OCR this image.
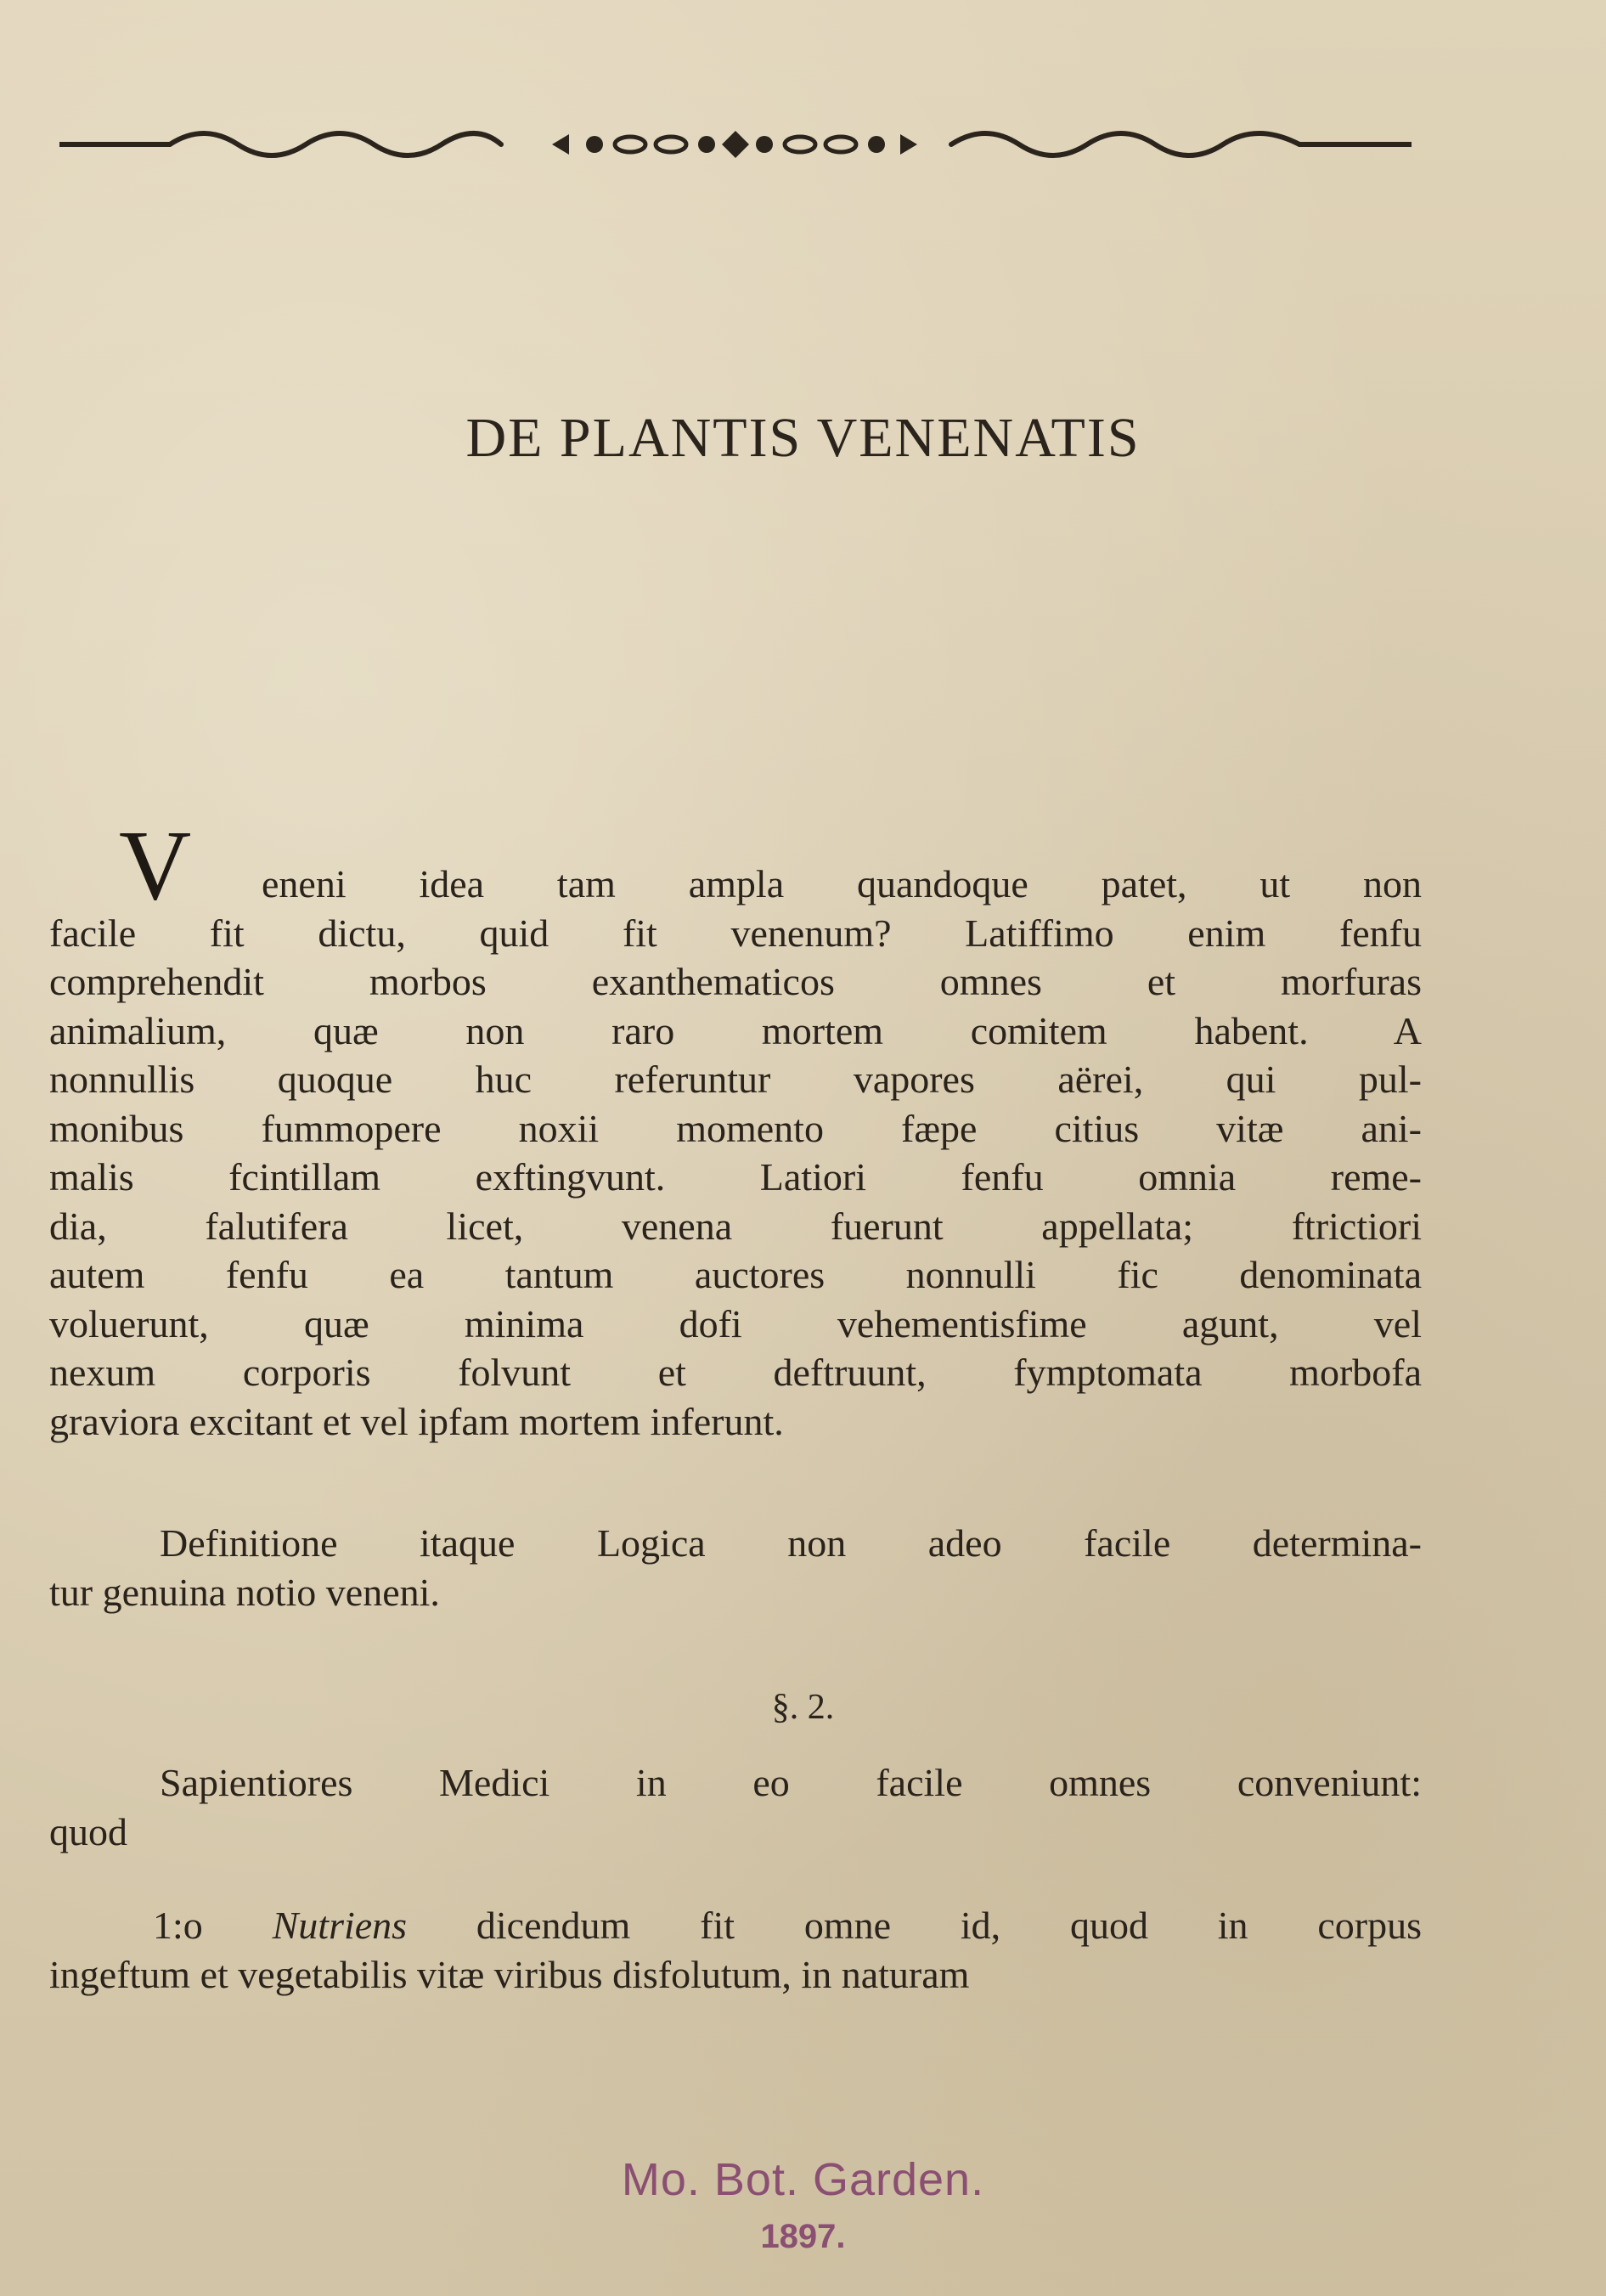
DE PLANTIS VENENATIS
V	eneni idea tam ampla quandoque patet, ut non
facile fit dictu, quid fit venenum? Latiffimo enim fenfu
comprehendit morbos exanthematicos omnes et morfuras
animalium, quæ non raro mortem comitem habent. A
nonnullis quoque huc referuntur vapores aërei, qui pul-
monibus fummopere noxii momento fæpe citius vitæ ani-
malis fcintillam exftingvunt. Latiori fenfu omnia reme-
dia, falutifera licet, venena fuerunt appellata; ftrictiori
autem fenfu ea tantum auctores nonnulli fic denominata
voluerunt, quæ minima dofi vehementisfime agunt, vel
nexum corporis folvunt et deftruunt, fymptomata morbofa
graviora excitant et vel ipfam mortem inferunt.
Definitione itaque Logica non adeo facile determina-
tur genuina notio veneni.
§. 2.
Sapientiores Medici in eo facile omnes conveniunt:
quod
1:o Nutriens dicendum fit omne id, quod in corpus
ingeftum et vegetabilis vitæ viribus disfolutum, in naturam
Mo. Bot. Garden.
1897.
